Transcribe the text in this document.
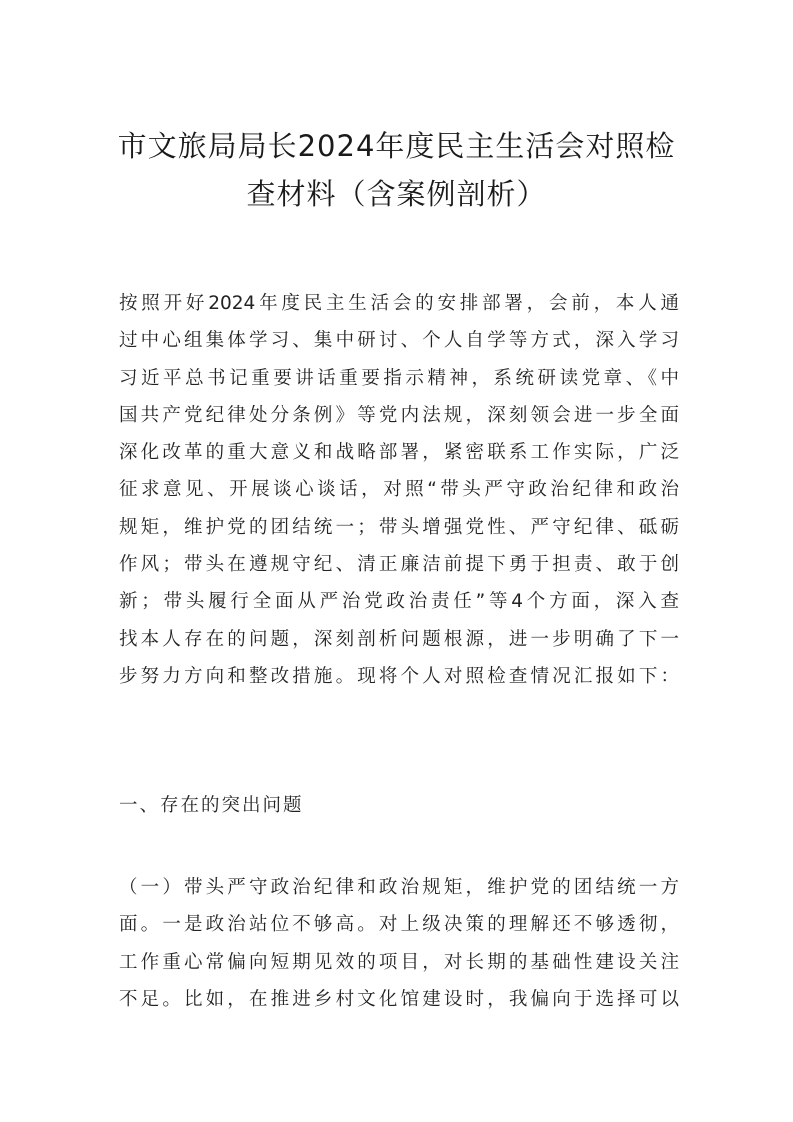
市文旅局局长2024年度民主生活会对照检
查材料（含案例剖析）
按照开好2024年度民主生活会的安排部署，会前，本人通
过中心组集体学习、集中研讨、个人自学等方式，深入学习
习近平总书记重要讲话重要指示精神，系统研读党章、《中
国共产党纪律处分条例》等党内法规，深刻领会进一步全面
深化改革的重大意义和战略部署，紧密联系工作实际，广泛
征求意见、开展谈心谈话，对照“带头严守政治纪律和政治
规矩，维护党的团结统一；带头增强党性、严守纪律、砥砺
作风；带头在遵规守纪、清正廉洁前提下勇于担责、敢于创
新；带头履行全面从严治党政治责任”等4个方面，深入查
找本人存在的问题，深刻剖析问题根源，进一步明确了下一
步努力方向和整改措施。现将个人对照检查情况汇报如下：
一、存在的突出问题
（一）带头严守政治纪律和政治规矩，维护党的团结统一方
面。一是政治站位不够高。对上级决策的理解还不够透彻，
工作重心常偏向短期见效的项目，对长期的基础性建设关注
不足。比如，在推进乡村文化馆建设时，我偏向于选择可以
